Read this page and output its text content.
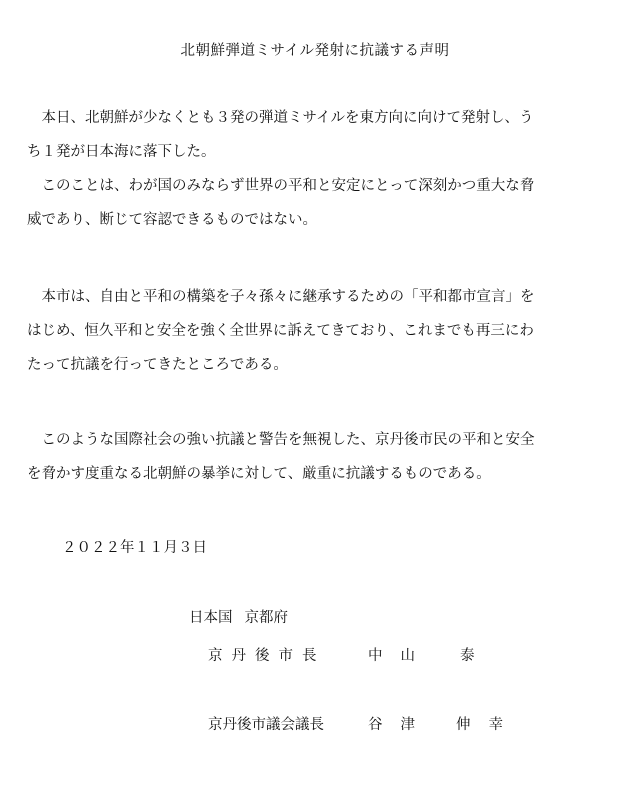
北朝鮮弾道ミサイル発射に抗議する声明

　本日、北朝鮮が少なくとも３発の弾道ミサイルを東方向に向けて発射し、う
ち１発が日本海に落下した。

　このことは、わが国のみならず世界の平和と安定にとって深刻かつ重大な脅
威であり、断じて容認できるものではない。

　本市は、自由と平和の構築を子々孫々に継承するための「平和都市宣言」を
はじめ、恒久平和と安全を強く全世界に訴えてきており、これまでも再三にわ
たって抗議を行ってきたところである。

　このような国際社会の強い抗議と警告を無視した、京丹後市民の平和と安全
を脅かす度重なる北朝鮮の暴挙に対して、厳重に抗議するものである。

２０２２年１１月３日
日本国 京都府
京丹後市長	中山 泰
京丹後市議会議長	谷津 伸幸
